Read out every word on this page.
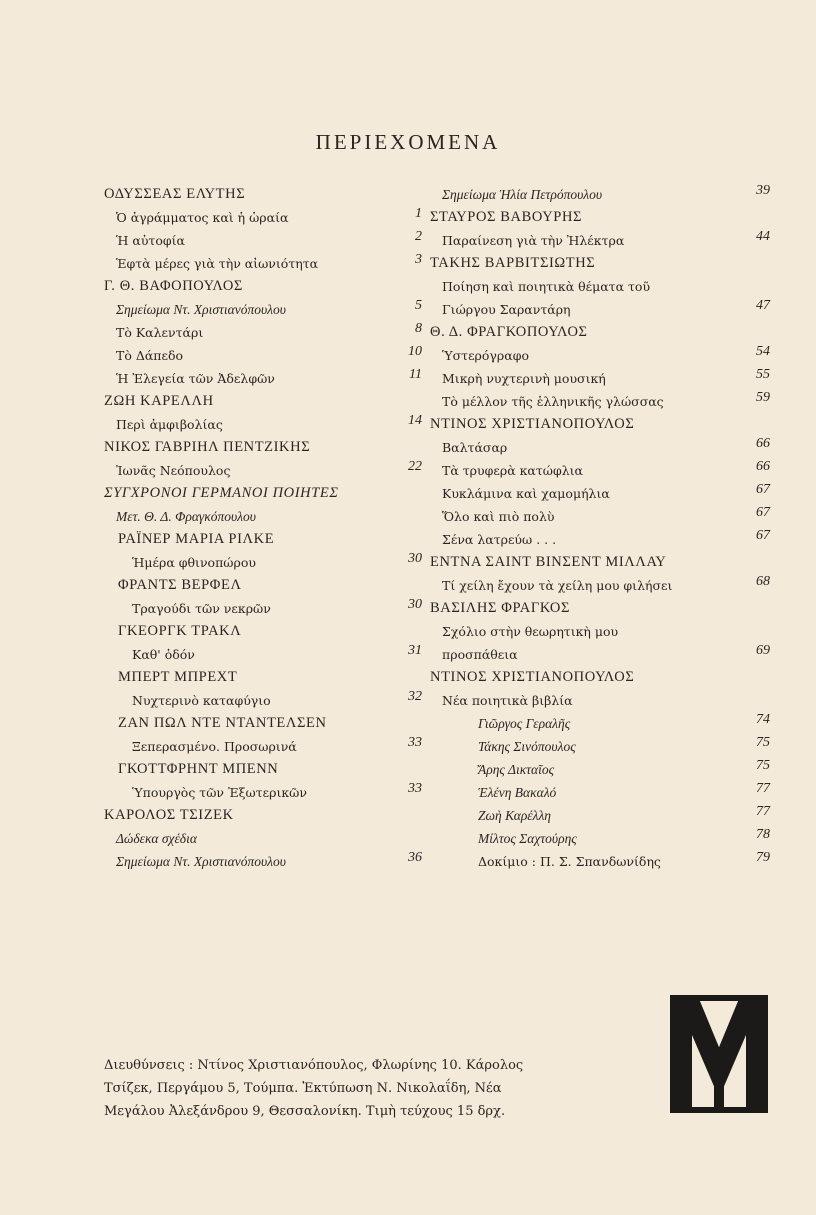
ΠΕΡΙΕΧΟΜΕΝΑ
ΟΔΥΣΣΕΑΣ ΕΛΥΤΗΣ
Ὁ ἀγράμματος καὶ ἡ ὡραία	1
Ἡ αὐτοφία	2
Ἑφτὰ μέρες γιὰ τὴν αἰωνιότητα	3
Γ. Θ. ΒΑΦΟΠΟΥΛΟΣ
Σημείωμα Ντ. Χριστιανόπουλου	5
Τὸ Καλεντάρι	8
Τὸ Δάπεδο	10
Ἡ Ἐλεγεία τῶν Ἀδελφῶν	11
ΖΩΗ ΚΑΡΕΛΛΗ
Περὶ ἀμφιβολίας	14
ΝΙΚΟΣ ΓΑΒΡΙΗΛ ΠΕΝΤΖΙΚΗΣ
Ἰωνᾶς Νεόπουλος	22
ΣΥΓΧΡΟΝΟΙ ΓΕΡΜΑΝΟΙ ΠΟΙΗΤΕΣ
Μετ. Θ. Δ. Φραγκόπουλου
ΡΑΪΝΕΡ ΜΑΡΙΑ ΡΙΛΚΕ
Ἡμέρα φθινοπώρου	30
ΦΡΑΝΤΣ ΒΕΡΦΕΛ
Τραγούδι τῶν νεκρῶν	30
ΓΚΕΟΡΓΚ ΤΡΑΚΛ
Καθ' ὁδόν	31
ΜΠΕΡΤ ΜΠΡΕΧΤ
Νυχτερινὸ καταφύγιο	32
ΖΑΝ ΠΩΛ ΝΤΕ ΝΤΑΝΤΕΛΣΕΝ
Ξεπερασμένο. Προσωρινά	33
ΓΚΟΤΤΦΡΗΝΤ ΜΠΕΝΝ
Ὑπουργὸς τῶν Ἐξωτερικῶν	33
ΚΑΡΟΛΟΣ ΤΣΙΖΕΚ
Δώδεκα σχέδια
Σημείωμα Ντ. Χριστιανόπουλου	36
Σημείωμα Ἡλία Πετρόπουλου	39
ΣΤΑΥΡΟΣ ΒΑΒΟΥΡΗΣ
Παραίνεση γιὰ τὴν Ἠλέκτρα	44
ΤΑΚΗΣ ΒΑΡΒΙΤΣΙΩΤΗΣ
Ποίηση καὶ ποιητικὰ θέματα τοῦ
Γιώργου Σαραντάρη	47
Θ. Δ. ΦΡΑΓΚΟΠΟΥΛΟΣ
Ὑστερόγραφο	54
Μικρὴ νυχτερινὴ μουσική	55
Τὸ μέλλον τῆς ἑλληνικῆς γλώσσας	59
ΝΤΙΝΟΣ ΧΡΙΣΤΙΑΝΟΠΟΥΛΟΣ
Βαλτάσαρ	66
Τὰ τρυφερὰ κατώφλια	66
Κυκλάμινα καὶ χαμομήλια	67
Ὅλο καὶ πιὸ πολὺ	67
Σένα λατρεύω . . .	67
ΕΝΤΝΑ ΣΑΙΝΤ ΒΙΝΣΕΝΤ ΜΙΛΛΑΥ
Τί χείλη ἔχουν τὰ χείλη μου φιλήσει	68
ΒΑΣΙΛΗΣ ΦΡΑΓΚΟΣ
Σχόλιο στὴν θεωρητικὴ μου
προσπάθεια	69
ΝΤΙΝΟΣ ΧΡΙΣΤΙΑΝΟΠΟΥΛΟΣ
Νέα ποιητικὰ βιβλία
Γιῶργος Γεραλῆς	74
Τάκης Σινόπουλος	75
Ἄρης Δικταῖος	75
Ἑλένη Βακαλό	77
Ζωὴ Καρέλλη	77
Μίλτος Σαχτούρης	78
Δοκίμιο : Π. Σ. Σπανδωνίδης	79
Διευθύνσεις : Ντίνος Χριστιανόπουλος, Φλωρίνης 10. Κάρολος
Τσίζεκ, Περγάμου 5, Τούμπα. Ἐκτύπωση Ν. Νικολαΐδη, Νέα
Μεγάλου Ἀλεξάνδρου 9, Θεσσαλονίκη. Τιμὴ τεύχους 15 δρχ.
